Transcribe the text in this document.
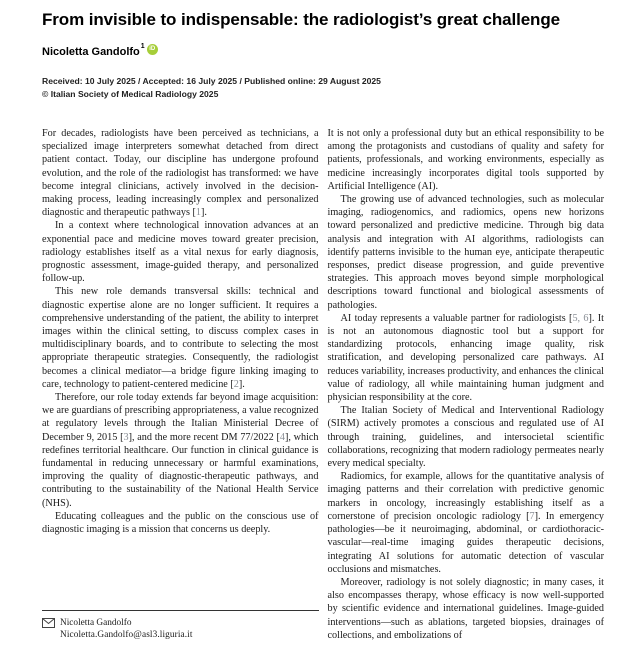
From invisible to indispensable: the radiologist’s great challenge
Nicoletta Gandolfo 1 iD
Received: 10 July 2025 / Accepted: 16 July 2025 / Published online: 29 August 2025
© Italian Society of Medical Radiology 2025

For decades, radiologists have been perceived as technicians, a specialized image interpreters somewhat detached from direct patient contact. Today, our discipline has undergone profound evolution, and the role of the radiologist has transformed: we have become integral clinicians, actively involved in the decision-making process, leading increasingly complex and personalized diagnostic and therapeutic pathways [1].

In a context where technological innovation advances at an exponential pace and medicine moves toward greater precision, radiology establishes itself as a vital nexus for early diagnosis, prognostic assessment, image-guided therapy, and personalized follow-up.

This new role demands transversal skills: technical and diagnostic expertise alone are no longer sufficient. It requires a comprehensive understanding of the patient, the ability to interpret images within the clinical setting, to discuss complex cases in multidisciplinary boards, and to contribute to selecting the most appropriate therapeutic strategies. Consequently, the radiologist becomes a clinical mediator—a bridge figure linking imaging to care, technology to patient-centered medicine [2].

Therefore, our role today extends far beyond image acquisition: we are guardians of prescribing appropriateness, a value recognized at regulatory levels through the Italian Ministerial Decree of December 9, 2015 [3], and the more recent DM 77/2022 [4], which redefines territorial healthcare. Our function in clinical guidance is fundamental in reducing unnecessary or harmful examinations, improving the quality of diagnostic-therapeutic pathways, and contributing to the sustainability of the National Health Service (NHS).

Educating colleagues and the public on the conscious use of diagnostic imaging is a mission that concerns us deeply.

It is not only a professional duty but an ethical responsibility to be among the protagonists and custodians of quality and safety for patients, professionals, and working environments, especially as medicine increasingly incorporates digital tools supported by Artificial Intelligence (AI).

The growing use of advanced technologies, such as molecular imaging, radiogenomics, and radiomics, opens new horizons toward personalized and predictive medicine. Through big data analysis and integration with AI algorithms, radiologists can identify patterns invisible to the human eye, anticipate therapeutic responses, predict disease progression, and guide preventive strategies. This approach moves beyond simple morphological descriptions toward functional and biological assessments of pathologies.

AI today represents a valuable partner for radiologists [5, 6]. It is not an autonomous diagnostic tool but a support for standardizing protocols, enhancing image quality, risk stratification, and developing personalized care pathways. AI reduces variability, increases productivity, and enhances the clinical value of radiology, all while maintaining human judgment and physician responsibility at the core.

The Italian Society of Medical and Interventional Radiology (SIRM) actively promotes a conscious and regulated use of AI through training, guidelines, and intersocietal scientific collaborations, recognizing that modern radiology permeates nearly every medical specialty.

Radiomics, for example, allows for the quantitative analysis of imaging patterns and their correlation with predictive genomic markers in oncology, increasingly establishing itself as a cornerstone of precision oncologic radiology [7]. In emergency pathologies—be it neuroimaging, abdominal, or cardiothoracic-vascular—real-time imaging guides therapeutic decisions, integrating AI solutions for automatic detection of vascular occlusions and mismatches.

Moreover, radiology is not solely diagnostic; in many cases, it also encompasses therapy, whose efficacy is now well-supported by scientific evidence and international guidelines. Image-guided interventions—such as ablations, targeted biopsies, drainages of collections, and embolizations of

Nicoletta Gandolfo
Nicoletta.Gandolfo@asl3.liguria.it
